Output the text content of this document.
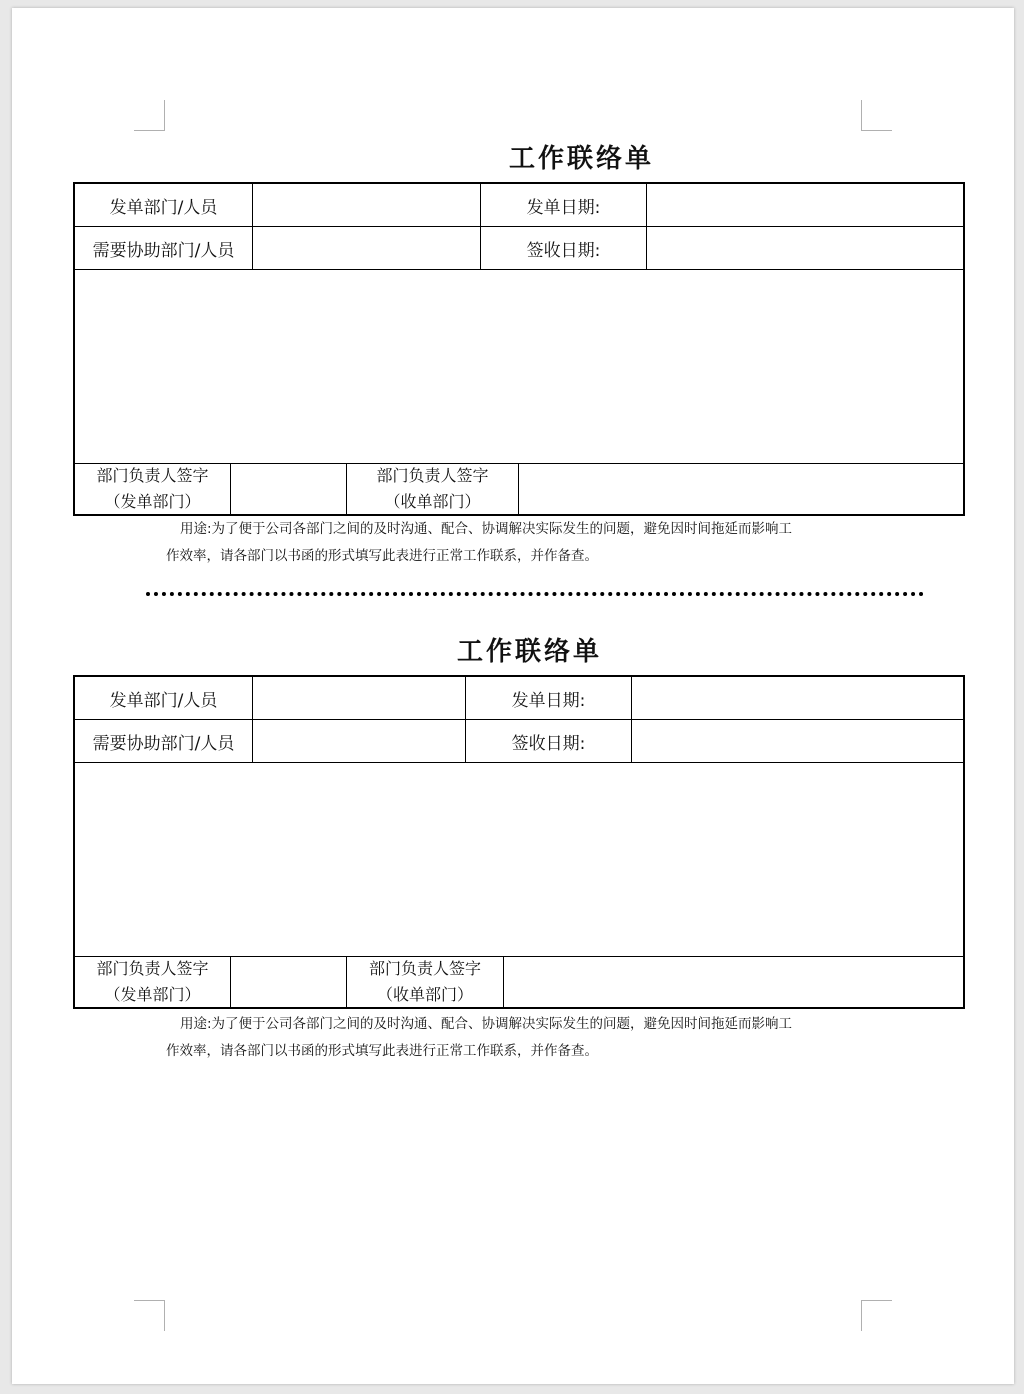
工作联络单
发单部门/人员	发单日期:
需要协助部门/人员	签收日期:
部门负责人签字
（发单部门）
部门负责人签字
（收单部门）

用途:为了便于公司各部门之间的及时沟通、配合、协调解决实际发生的问题，避免因时间拖延而影响工
作效率，请各部门以书函的形式填写此表进行正常工作联系，并作备查。

工作联络单
发单部门/人员	发单日期:
需要协助部门/人员	签收日期:
部门负责人签字
（发单部门）
部门负责人签字
（收单部门）

用途:为了便于公司各部门之间的及时沟通、配合、协调解决实际发生的问题，避免因时间拖延而影响工
作效率，请各部门以书函的形式填写此表进行正常工作联系，并作备查。
